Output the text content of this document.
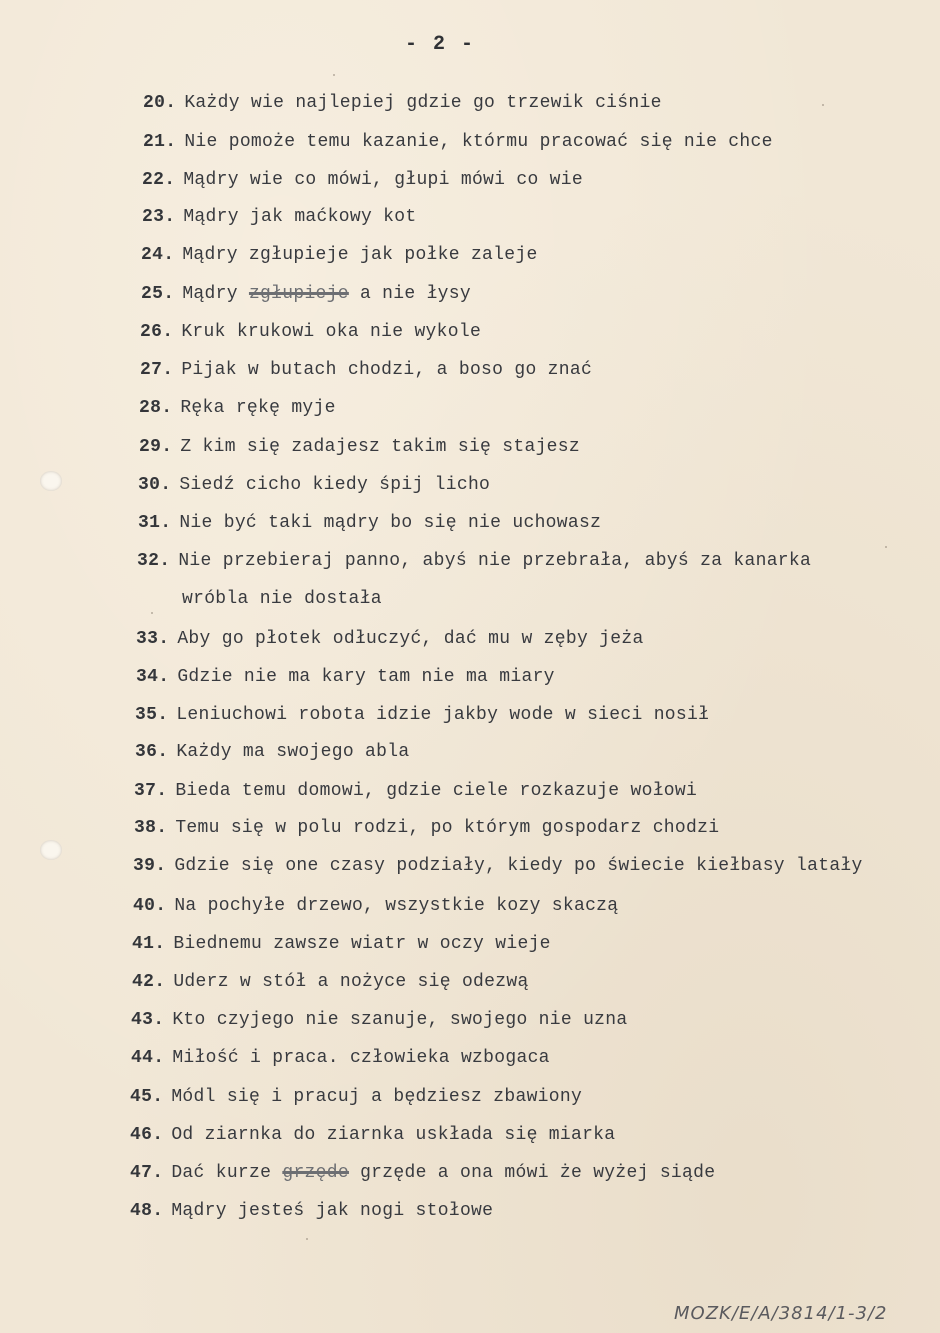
- 2 -
20. Każdy wie najlepiej gdzie go trzewik ciśnie
21. Nie pomoże temu kazanie, którmu pracować się nie chce
22. Mądry wie co mówi, głupi mówi co wie
23. Mądry jak maćkowy kot
24. Mądry zgłupieje jak połke zaleje
25. Mądry zgłupieje a nie łysy
26. Kruk krukowi oka nie wykole
27. Pijak w butach chodzi, a boso go znać
28. Ręka rękę myje
29. Z kim się zadajesz takim się stajesz
30. Siedź cicho kiedy śpij licho
31. Nie być taki mądry bo się nie uchowasz
32. Nie przebieraj panno, abyś nie przebrała, abyś za kanarka
wróbla nie dostała
33. Aby go płotek odłuczyć, dać mu w zęby jeża
34. Gdzie nie ma kary tam nie ma miary
35. Leniuchowi robota idzie jakby wode w sieci nosił
36. Każdy ma swojego abla
37. Bieda temu domowi, gdzie ciele rozkazuje wołowi
38. Temu się w polu rodzi, po którym gospodarz chodzi
39. Gdzie się one czasy podziały, kiedy po świecie kiełbasy latały
40. Na pochyłe drzewo, wszystkie kozy skaczą
41. Biednemu zawsze wiatr w oczy wieje
42. Uderz w stół a nożyce się odezwą
43. Kto czyjego nie szanuje, swojego nie uzna
44. Miłość i praca. człowieka wzbogaca
45. Módl się i pracuj a będziesz zbawiony
46. Od ziarnka do ziarnka uskłada się miarka
47. Dać kurze grzęde grzęde a ona mówi że wyżej siąde
48. Mądry jesteś jak nogi stołowe
MOZK/E/A/3814/1-3/2
